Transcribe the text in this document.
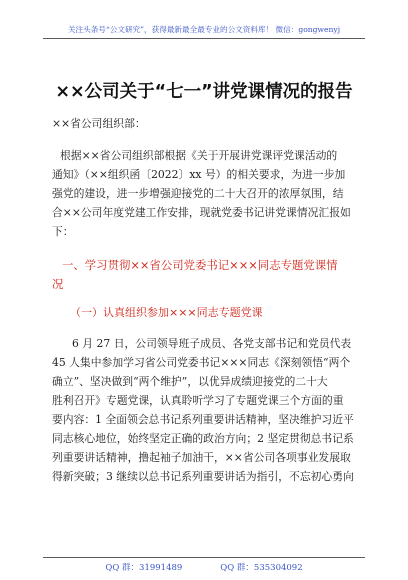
关注头条号“公文研究”，获得最新最全最专业的公文资料库！ 微信：gongwenyj
××公司关于“七一”讲党课情况的报告
××省公司组织部：
根据××省公司组织部根据《关于开展讲党课评党课活动的
通知》（××组织函〔2022〕xx 号）的相关要求，为进一步加
强党的建设，进一步增强迎接党的二十大召开的浓厚氛围，结
合××公司年度党建工作安排，现就党委书记讲党课情况汇报如
下：
一、学习贯彻××省公司党委书记×××同志专题党课情
况
（一）认真组织参加×××同志专题党课
6 月 27 日，公司领导班子成员、各党支部书记和党员代表
45 人集中参加学习省公司党委书记×××同志《深刻领悟“两个
确立”、坚决做到“两个维护”，以优异成绩迎接党的二十大
胜利召开》专题党课，认真聆听学习了专题党课三个方面的重
要内容：1 全面领会总书记系列重要讲话精神，坚决维护习近平
同志核心地位，始终坚定正确的政治方向；2 坚定贯彻总书记系
列重要讲话精神，撸起袖子加油干，××省公司各项事业发展取
得新突破；3 继续以总书记系列重要讲话为指引，不忘初心勇向
QQ 群：31991489	QQ 群：535304092
